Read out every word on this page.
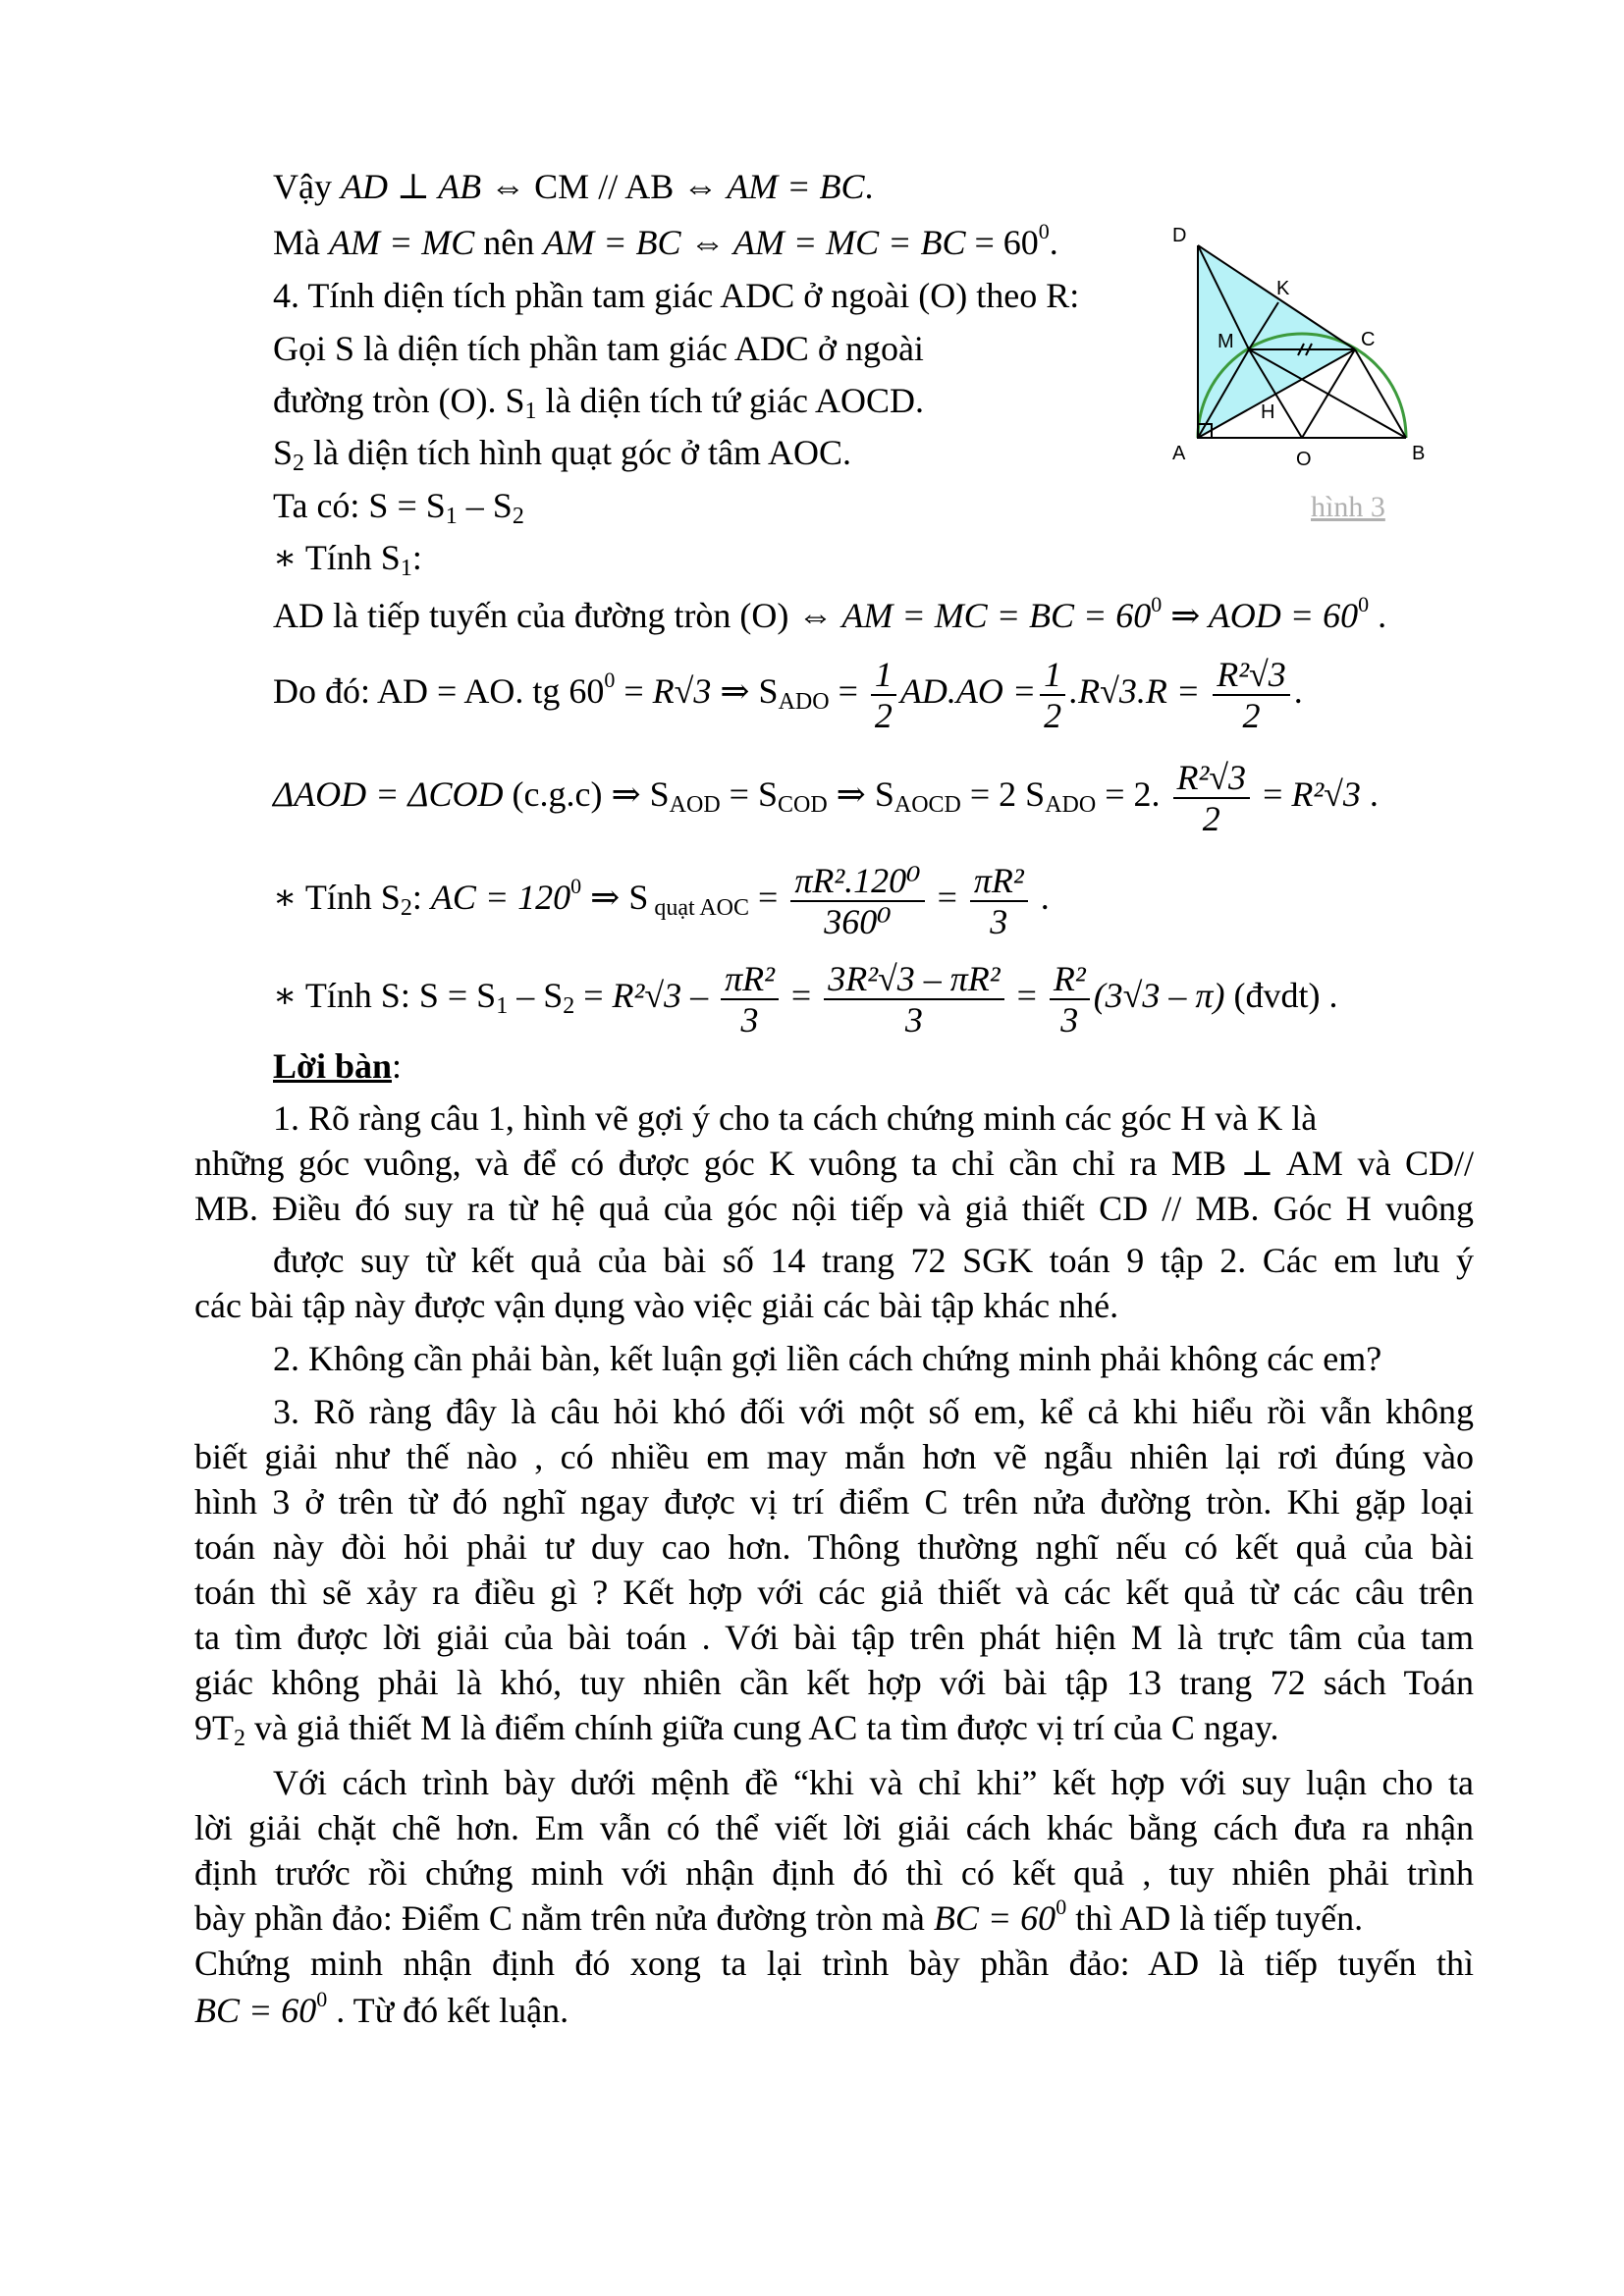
Vậy AD ⊥ AB ⇔ CM // AB ⇔ AM = BC.
Mà AM = MC nên AM = BC ⇔ AM = MC = BC = $60^0$.
4. Tính diện tích phần tam giác ADC ở ngoài (O) theo R:
Gọi S là diện tích phần tam giác ADC ở ngoài
đường tròn (O). $S_1$ là diện tích tứ giác AOCD.
$S_2$ là diện tích hình quạt góc ở tâm AOC.
Ta có: $S = S_1 - S_2$
∗ Tính $S_1$:
D
K
M	C
H
A	O	B
hình 3
AD là tiếp tuyến của đường tròn (O) ⇔ AM = MC = BC = $60^0$ ⇒ AOD = $60^0$ .
Do đó: AD = AO. tg $60^0 = R√3$ ⇒ $S_{ADO} = \frac{1}{2} AD.AO = \frac{1}{2} .R√3.R = \frac{\text{R²√3}}{2}$ .
ΔAOD = ΔCOD (c.g.c) ⇒ $S_{AOD} = S_{COD}$ ⇒ $S_{AOCD} = 2$ $S_{ADO} = 2$. $\frac{\text{R²√3}}{2} = R^2√3$ .
∗ Tính $S_2$: AC = $120^0$ ⇒ S $_{quạt AOC} = \frac{\text{πR².120⁰}}{\text{360⁰}} = \frac{\text{πR²}}{3}$ .
∗ Tính S: $S = S_1 - S_2 = R^2√3 - \frac{\text{πR²}}{3} = \frac{\text{3R²√3 – πR²}}{3} = \frac{\text{R²}}{3} (3√3 - \pi)$ (đvdt) .
Lời bàn:
1. Rõ ràng câu 1, hình vẽ gợi ý cho ta cách chứng minh các góc H và K là
những góc vuông, và để có được góc K vuông ta chỉ cần chỉ ra MB ⊥ AM và CD//
MB. Điều đó suy ra từ hệ quả của góc nội tiếp và giả thiết CD // MB. Góc H vuông
được suy từ kết quả của bài số 14 trang 72 SGK toán 9 tập 2. Các em lưu ý
các bài tập này được vận dụng vào việc giải các bài tập khác nhé.
2. Không cần phải bàn, kết luận gợi liền cách chứng minh phải không các em?
3. Rõ ràng đây là câu hỏi khó đối với một số em, kể cả khi hiểu rồi vẫn không
biết giải như thế nào , có nhiều em may mắn hơn vẽ ngẫu nhiên lại rơi đúng vào
hình 3 ở trên từ đó nghĩ ngay được vị trí điểm C trên nửa đường tròn. Khi gặp loại
toán này đòi hỏi phải tư duy cao hơn. Thông thường nghĩ nếu có kết quả của bài
toán thì sẽ xảy ra điều gì ? Kết hợp với các giả thiết và các kết quả từ các câu trên
ta tìm được lời giải của bài toán . Với bài tập trên phát hiện M là trực tâm của tam
giác không phải là khó, tuy nhiên cần kết hợp với bài tập 13 trang 72 sách Toán
$9T_2$ và giả thiết M là điểm chính giữa cung AC ta tìm được vị trí của C ngay.
Với cách trình bày dưới mệnh đề “khi và chỉ khi” kết hợp với suy luận cho ta
lời giải chặt chẽ hơn. Em vẫn có thể viết lời giải cách khác bằng cách đưa ra nhận
định trước rồi chứng minh với nhận định đó thì có kết quả , tuy nhiên phải trình
bày phần đảo: Điểm C nằm trên nửa đường tròn mà BC = $60^0$ thì AD là tiếp tuyến.
Chứng minh nhận định đó xong ta lại trình bày phần đảo: AD là tiếp tuyến thì
BC = $60^0$ . Từ đó kết luận.
